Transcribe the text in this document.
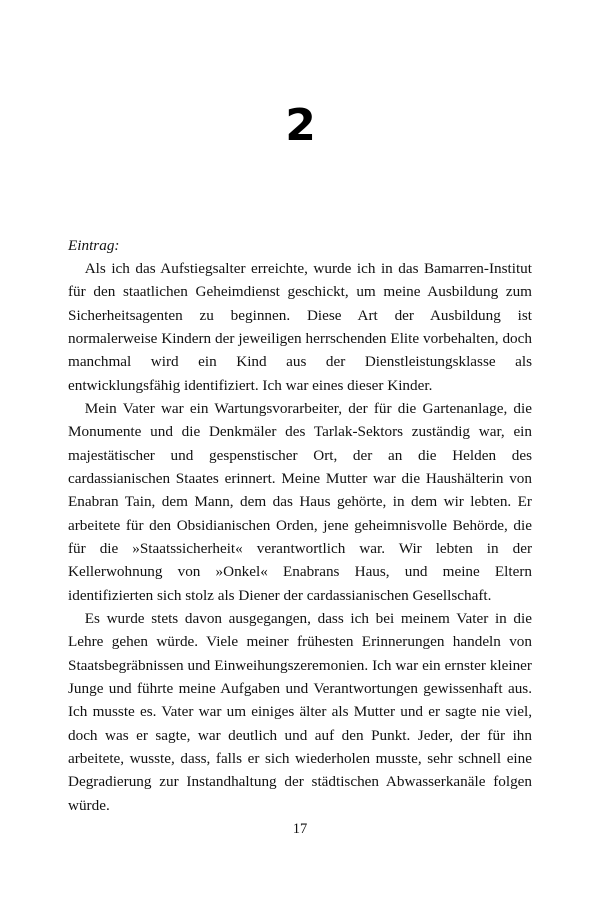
2
Eintrag:

Als ich das Aufstiegsalter erreichte, wurde ich in das Bamarren-Institut für den staatlichen Geheimdienst geschickt, um meine Ausbildung zum Sicherheitsagenten zu beginnen. Diese Art der Ausbildung ist normalerweise Kindern der jeweiligen herrschenden Elite vorbehalten, doch manchmal wird ein Kind aus der Dienstleistungsklasse als entwicklungsfähig identifiziert. Ich war eines dieser Kinder.

Mein Vater war ein Wartungsvorarbeiter, der für die Gartenanlage, die Monumente und die Denkmäler des Tarlak-Sektors zuständig war, ein majestätischer und gespenstischer Ort, der an die Helden des cardassianischen Staates erinnert. Meine Mutter war die Haushälterin von Enabran Tain, dem Mann, dem das Haus gehörte, in dem wir lebten. Er arbeitete für den Obsidianischen Orden, jene geheimnisvolle Behörde, die für die »Staatssicherheit« verantwortlich war. Wir lebten in der Kellerwohnung von »Onkel« Enabrans Haus, und meine Eltern identifizierten sich stolz als Diener der cardassianischen Gesellschaft.

Es wurde stets davon ausgegangen, dass ich bei meinem Vater in die Lehre gehen würde. Viele meiner frühesten Erinnerungen handeln von Staatsbegräbnissen und Einweihungszeremonien. Ich war ein ernster kleiner Junge und führte meine Aufgaben und Verantwortungen gewissenhaft aus. Ich musste es. Vater war um einiges älter als Mutter und er sagte nie viel, doch was er sagte, war deutlich und auf den Punkt. Jeder, der für ihn arbeitete, wusste, dass, falls er sich wiederholen musste, sehr schnell eine Degradierung zur Instandhaltung der städtischen Abwasserkanäle folgen würde.

17
